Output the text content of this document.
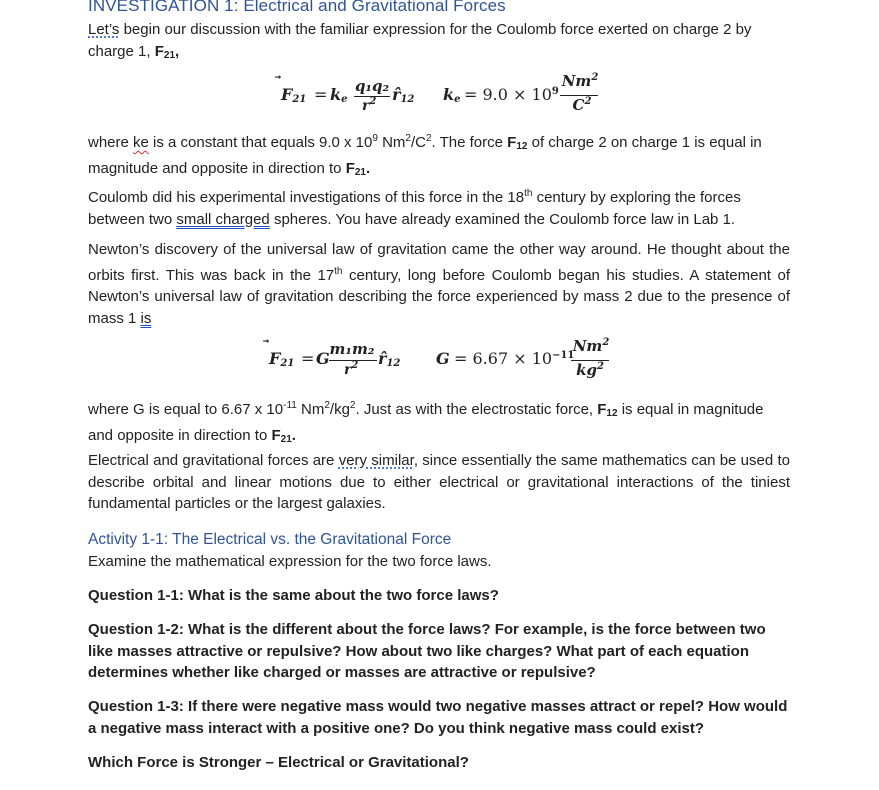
INVESTIGATION 1: Electrical and Gravitational Forces

Let’s begin our discussion with the familiar expression for the Coulomb force exerted on charge 2 by charge 1, $F_{21}$,

$F_{21} = k_e$
q₁q₂
$r^2$ $r̂_{12}$ $k_e = 9.0 \times 10^9$
Nm$^2$
$C^2$

where ke is a constant that equals 9.0 x $10^9$ $Nm^2/C^2$. The force $F_{12}$ of charge 2 on charge 1 is equal in magnitude and opposite in direction to $F_{21}$.

Coulomb did his experimental investigations of this force in the 18th century by exploring the forces between two small charged spheres. You have already examined the Coulomb force law in Lab 1.

Newton’s discovery of the universal law of gravitation came the other way around. He thought about the orbits first. This was back in the 17th century, long before Coulomb began his studies. A statement of Newton’s universal law of gravitation describing the force experienced by mass 2 due to the presence of mass 1 is

$F_{21} = G$ m₁m₂
$r^2$ $r̂_{12}$ $G = 6.67 \times 10^{-11}$
Nm$^2$
$kg^2$

where G is equal to 6.67 x $10^{-11}$ $Nm^2/kg^2$. Just as with the electrostatic force, $F_{12}$ is equal in magnitude and opposite in direction to $F_{21}$.

Electrical and gravitational forces are very similar, since essentially the same mathematics can be used to describe orbital and linear motions due to either electrical or gravitational interactions of the tiniest fundamental particles or the largest galaxies.

Activity 1-1: The Electrical vs. the Gravitational Force
Examine the mathematical expression for the two force laws.

Question 1-1: What is the same about the two force laws?

Question 1-2: What is the different about the force laws? For example, is the force between two like masses attractive or repulsive? How about two like charges? What part of each equation determines whether like charged or masses are attractive or repulsive?

Question 1-3: If there were negative mass would two negative masses attract or repel? How would a negative mass interact with a positive one? Do you think negative mass could exist?

Which Force is Stronger – Electrical or Gravitational?
